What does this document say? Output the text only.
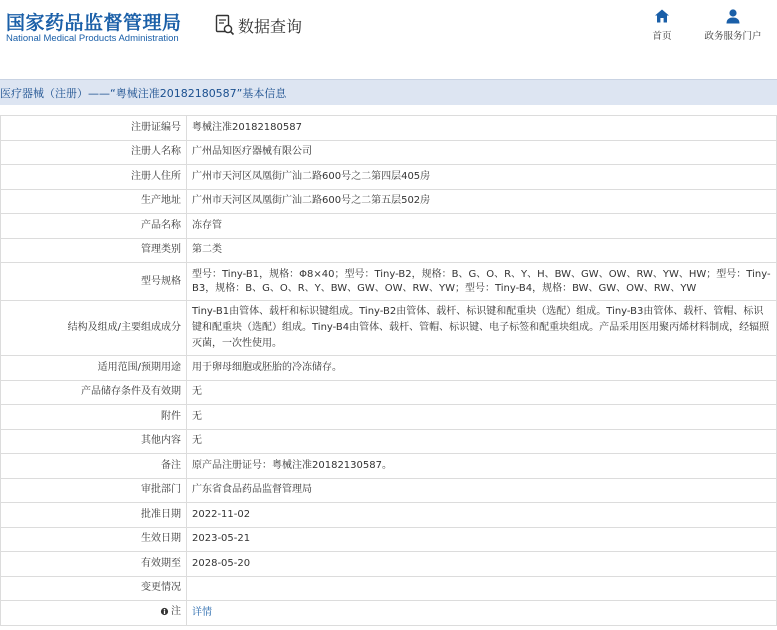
国家药品监督管理局
National Medical Products Administration
数据查询
首页	政务服务门户
医疗器械（注册）——“粤械注准20182180587”基本信息
注册证编号	粤械注准20182180587
注册人名称	广州品知医疗器械有限公司
注册人住所	广州市天河区凤凰街广汕二路600号之二第四层405房
生产地址	广州市天河区凤凰街广汕二路600号之二第五层502房
产品名称	冻存管
管理类别	第二类
型号规格	型号：Tiny-B1，规格：Φ8×40；型号：Tiny-B2，规格：B、G、O、R、Y、H、BW、GW、OW、RW、YW、HW；型号：Tiny-B3，规格：B、G、O、R、Y、BW、GW、OW、RW、YW；型号：Tiny-B4，规格：BW、GW、OW、RW、YW
结构及组成/主要组成成分	Tiny-B1由管体、载杆和标识键组成。Tiny-B2由管体、载杆、标识键和配重块（选配）组成。Tiny-B3由管体、载杆、管帽、标识键和配重块（选配）组成。Tiny-B4由管体、载杆、管帽、标识键、电子标签和配重块组成。产品采用医用聚丙烯材料制成，经辐照灭菌，一次性使用。
适用范围/预期用途	用于卵母细胞或胚胎的冷冻储存。
产品储存条件及有效期	无
附件	无
其他内容	无
备注	原产品注册证号：粤械注准20182130587。
审批部门	广东省食品药品监督管理局
批准日期	2022-11-02
生效日期	2023-05-21
有效期至	2028-05-20
变更情况	

注	详情
